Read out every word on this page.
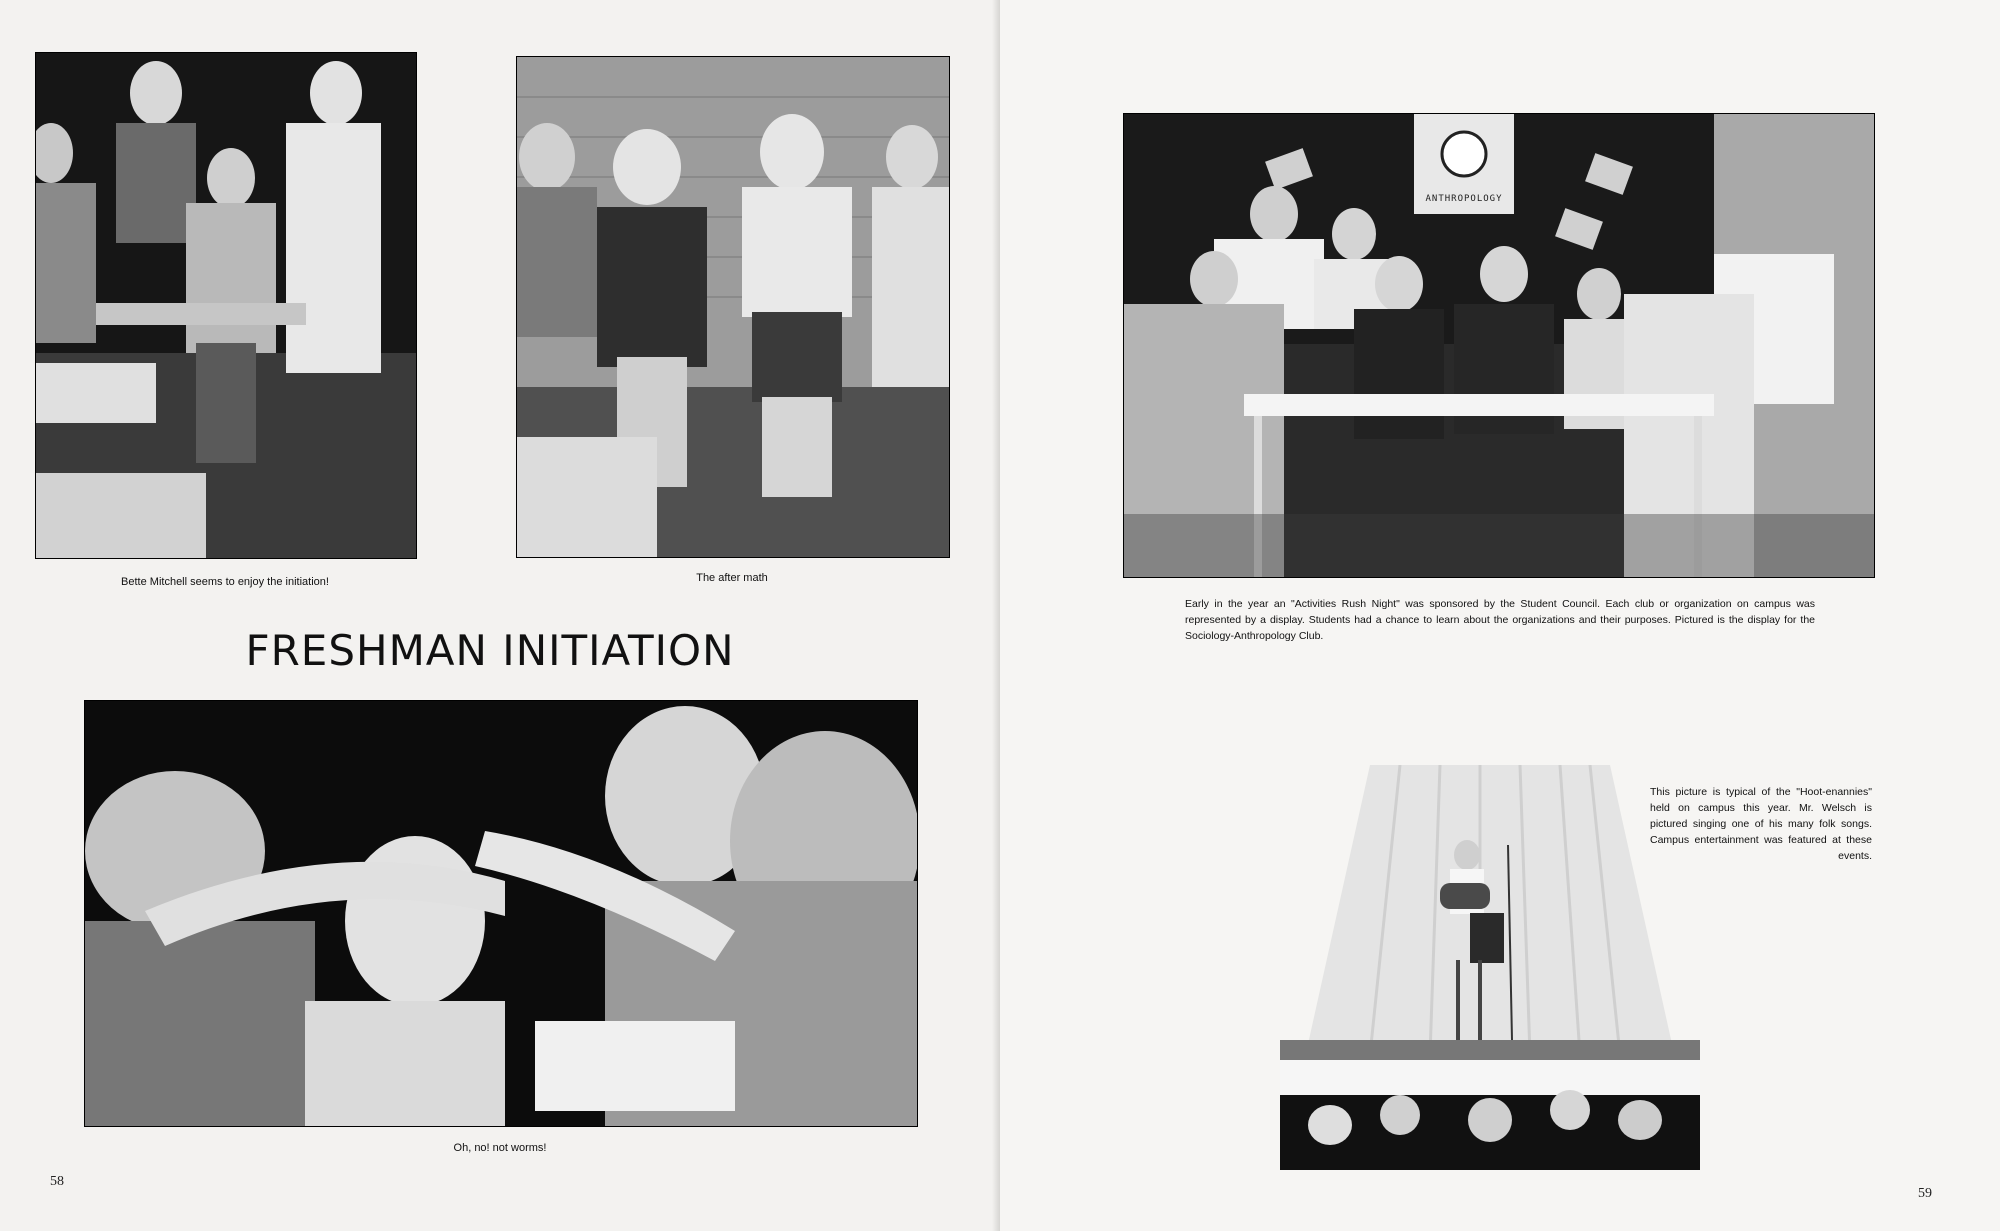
Bette Mitchell seems to enjoy the initiation!	The after math
FRESHMAN INITIATION
Oh, no! not worms!
58
ANTHROPOLOGY
Early in the year an "Activities Rush Night" was sponsored by the Student Council. Each club or organization on campus was represented by a display. Students had a chance to learn about the organizations and their purposes. Pictured is the display for the Sociology-Anthropology Club.
This picture is typical of the "Hoot-enannies" held on campus this year. Mr. Welsch is pictured singing one of his many folk songs. Campus entertainment was featured at these events.
59
